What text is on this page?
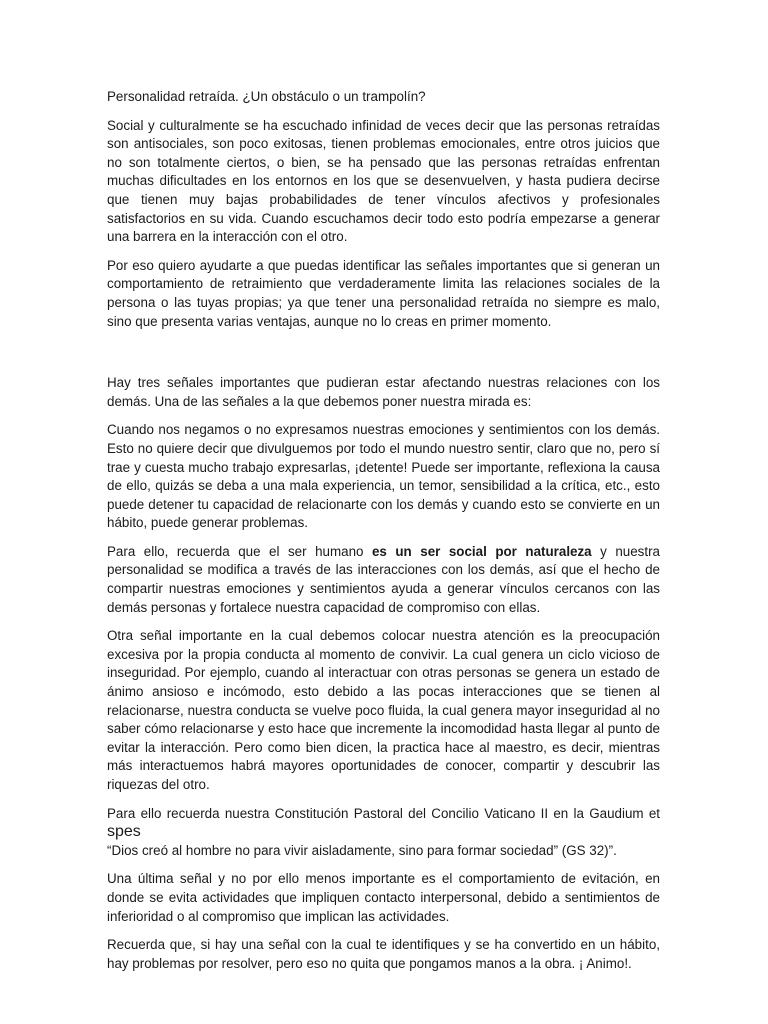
Personalidad retraída. ¿Un obstáculo o un trampolín?

Social y culturalmente se ha escuchado infinidad de veces decir que las personas retraídas son antisociales, son poco exitosas, tienen problemas emocionales, entre otros juicios que no son totalmente ciertos, o bien, se ha pensado que las personas retraídas enfrentan muchas dificultades en los entornos en los que se desenvuelven, y hasta pudiera decirse que tienen muy bajas probabilidades de tener vínculos afectivos y profesionales satisfactorios en su vida. Cuando escuchamos decir todo esto podría empezarse a generar una barrera en la interacción con el otro.

Por eso quiero ayudarte a que puedas identificar las señales importantes que si generan un comportamiento de retraimiento que verdaderamente limita las relaciones sociales de la persona o las tuyas propias; ya que tener una personalidad retraída no siempre es malo, sino que presenta varias ventajas, aunque no lo creas en primer momento.

Hay tres señales importantes que pudieran estar afectando nuestras relaciones con los demás. Una de las señales a la que debemos poner nuestra mirada es:

Cuando nos negamos o no expresamos nuestras emociones y sentimientos con los demás. Esto no quiere decir que divulguemos por todo el mundo nuestro sentir, claro que no, pero sí trae y cuesta mucho trabajo expresarlas, ¡detente! Puede ser importante, reflexiona la causa de ello, quizás se deba a una mala experiencia, un temor, sensibilidad a la crítica, etc., esto puede detener tu capacidad de relacionarte con los demás y cuando esto se convierte en un hábito, puede generar problemas.

Para ello, recuerda que el ser humano es un ser social por naturaleza y nuestra personalidad se modifica a través de las interacciones con los demás, así que el hecho de compartir nuestras emociones y sentimientos ayuda a generar vínculos cercanos con las demás personas y fortalece nuestra capacidad de compromiso con ellas.

Otra señal importante en la cual debemos colocar nuestra atención es la preocupación excesiva por la propia conducta al momento de convivir. La cual genera un ciclo vicioso de inseguridad. Por ejemplo, cuando al interactuar con otras personas se genera un estado de ánimo ansioso e incómodo, esto debido a las pocas interacciones que se tienen al relacionarse, nuestra conducta se vuelve poco fluida, la cual genera mayor inseguridad al no saber cómo relacionarse y esto hace que incremente la incomodidad hasta llegar al punto de evitar la interacción. Pero como bien dicen, la practica hace al maestro, es decir, mientras más interactuemos habrá mayores oportunidades de conocer, compartir y descubrir las riquezas del otro.

Para ello recuerda nuestra Constitución Pastoral del Concilio Vaticano II en la Gaudium et spes
“Dios creó al hombre no para vivir aisladamente, sino para formar sociedad” (GS 32)”.

Una última señal y no por ello menos importante es el comportamiento de evitación, en donde se evita actividades que impliquen contacto interpersonal, debido a sentimientos de inferioridad o al compromiso que implican las actividades.

Recuerda que, si hay una señal con la cual te identifiques y se ha convertido en un hábito, hay problemas por resolver, pero eso no quita que pongamos manos a la obra. ¡ Animo!.
